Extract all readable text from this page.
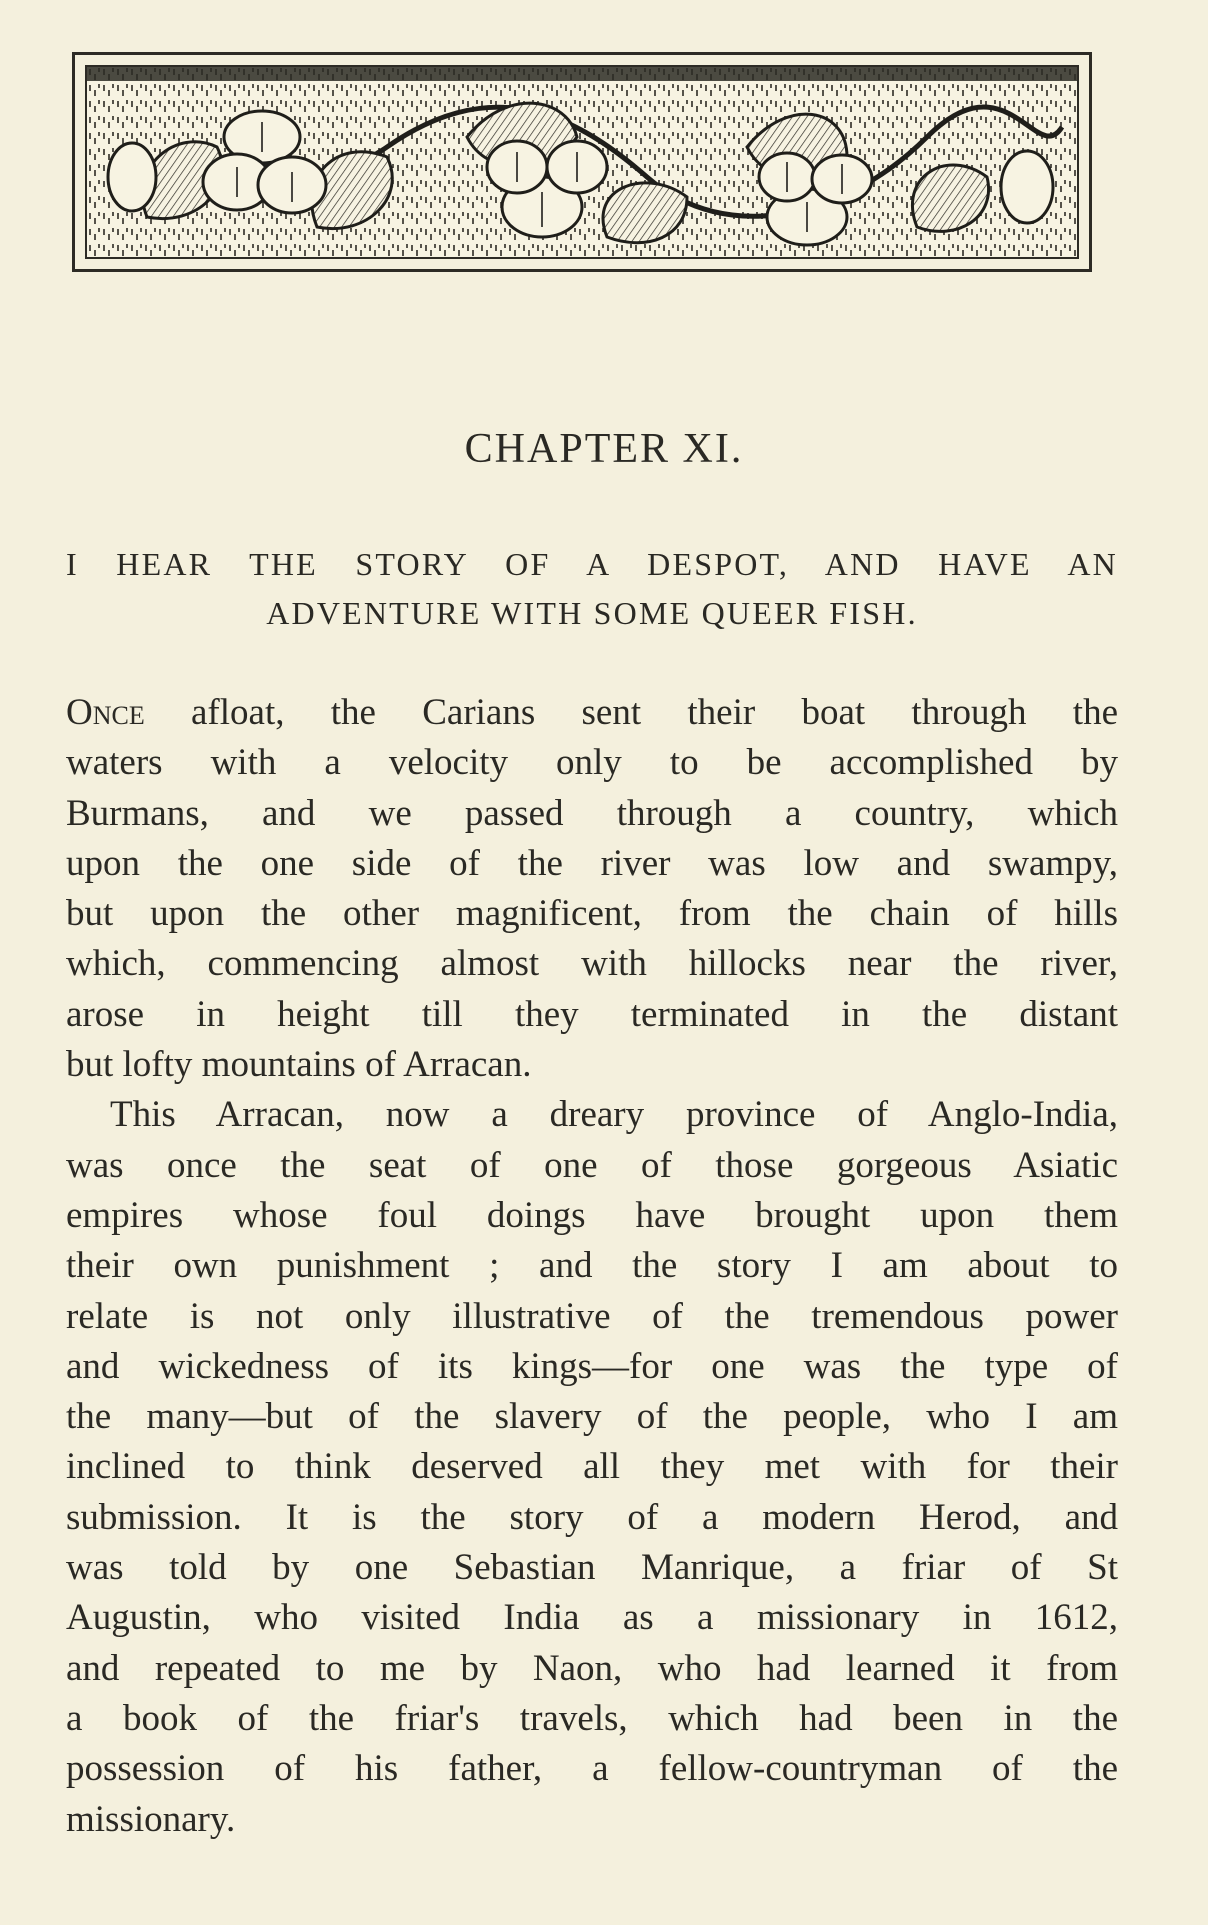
CHAPTER XI.
I HEAR THE STORY OF A DESPOT, AND HAVE AN
ADVENTURE WITH SOME QUEER FISH.
Once afloat, the Carians sent their boat through the
waters with a velocity only to be accomplished by
Burmans, and we passed through a country, which
upon the one side of the river was low and swampy,
but upon the other magnificent, from the chain of hills
which, commencing almost with hillocks near the river,
arose in height till they terminated in the distant
but lofty mountains of Arracan.
This Arracan, now a dreary province of Anglo-India,
was once the seat of one of those gorgeous Asiatic
empires whose foul doings have brought upon them
their own punishment ; and the story I am about to
relate is not only illustrative of the tremendous power
and wickedness of its kings—for one was the type of
the many—but of the slavery of the people, who I am
inclined to think deserved all they met with for their
submission. It is the story of a modern Herod, and
was told by one Sebastian Manrique, a friar of St
Augustin, who visited India as a missionary in 1612,
and repeated to me by Naon, who had learned it from
a book of the friar's travels, which had been in the
possession of his father, a fellow-countryman of the
missionary.
